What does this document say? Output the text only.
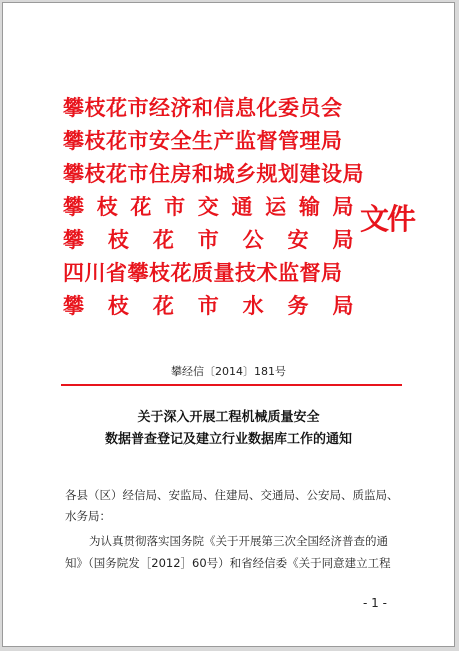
攀枝花市经济和信息化委员会
攀枝花市安全生产监督管理局
攀枝花市住房和城乡规划建设局
攀 枝 花 市 交 通 运 输 局
攀 枝 花 市 公 安 局
四川省攀枝花质量技术监督局
攀 枝 花 市 水 务 局
文件
攀经信〔2014〕181号
关于深入开展工程机械质量安全
数据普查登记及建立行业数据库工作的通知
各县（区）经信局、安监局、住建局、交通局、公安局、质监局、
水务局：
为认真贯彻落实国务院《关于开展第三次全国经济普查的通
知》（国务院发［2012］60号）和省经信委《关于同意建立工程
- 1 -
